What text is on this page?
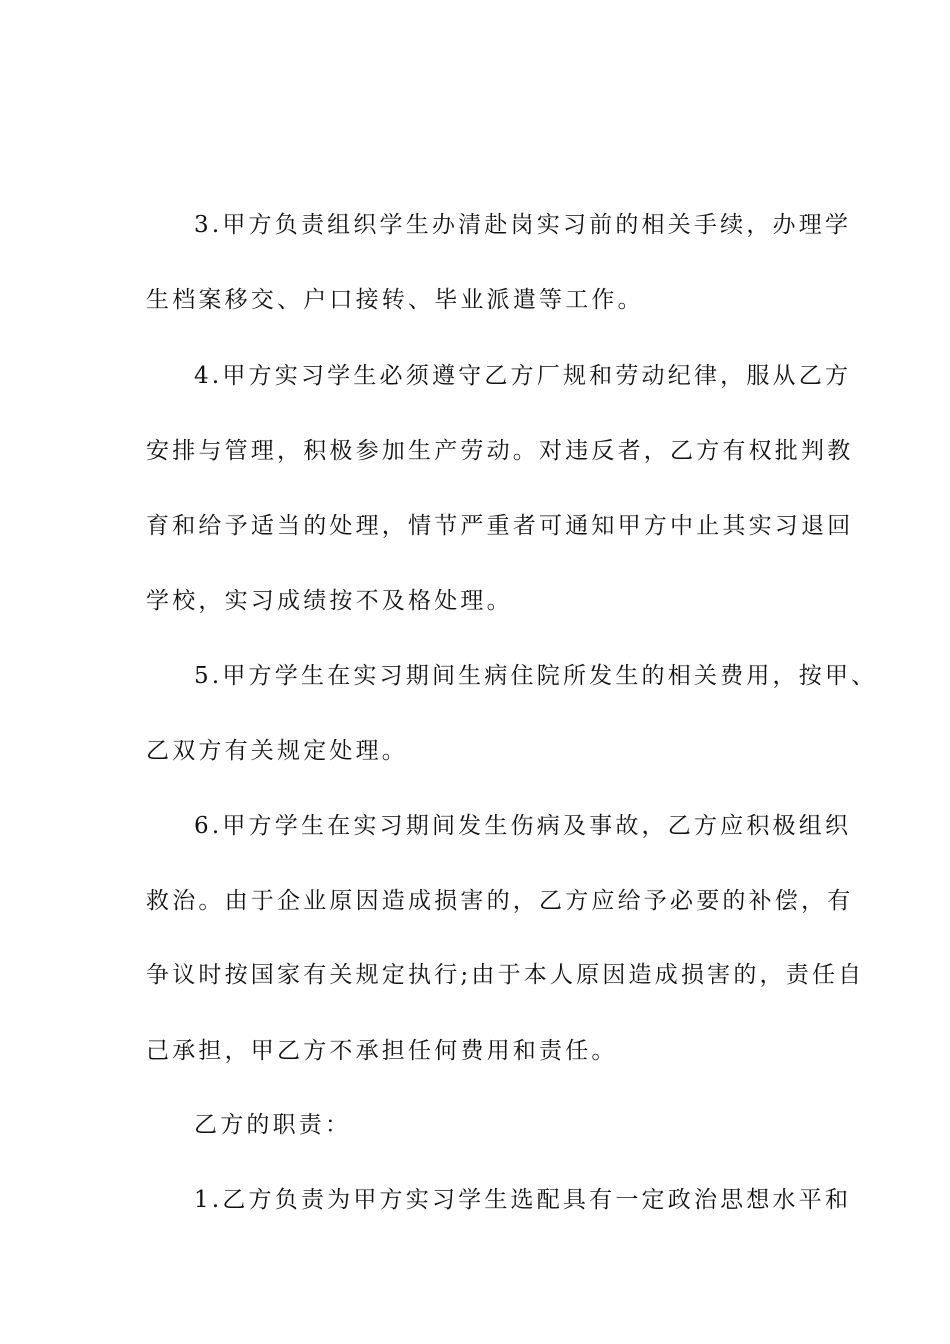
3.甲方负责组织学生办清赴岗实习前的相关手续，办理学
生档案移交、户口接转、毕业派遣等工作。
4.甲方实习学生必须遵守乙方厂规和劳动纪律，服从乙方
安排与管理，积极参加生产劳动。对违反者，乙方有权批判教
育和给予适当的处理，情节严重者可通知甲方中止其实习退回
学校，实习成绩按不及格处理。
5.甲方学生在实习期间生病住院所发生的相关费用，按甲、
乙双方有关规定处理。
6.甲方学生在实习期间发生伤病及事故，乙方应积极组织
救治。由于企业原因造成损害的，乙方应给予必要的补偿，有
争议时按国家有关规定执行;由于本人原因造成损害的，责任自
己承担，甲乙方不承担任何费用和责任。
乙方的职责：
1.乙方负责为甲方实习学生选配具有一定政治思想水平和
